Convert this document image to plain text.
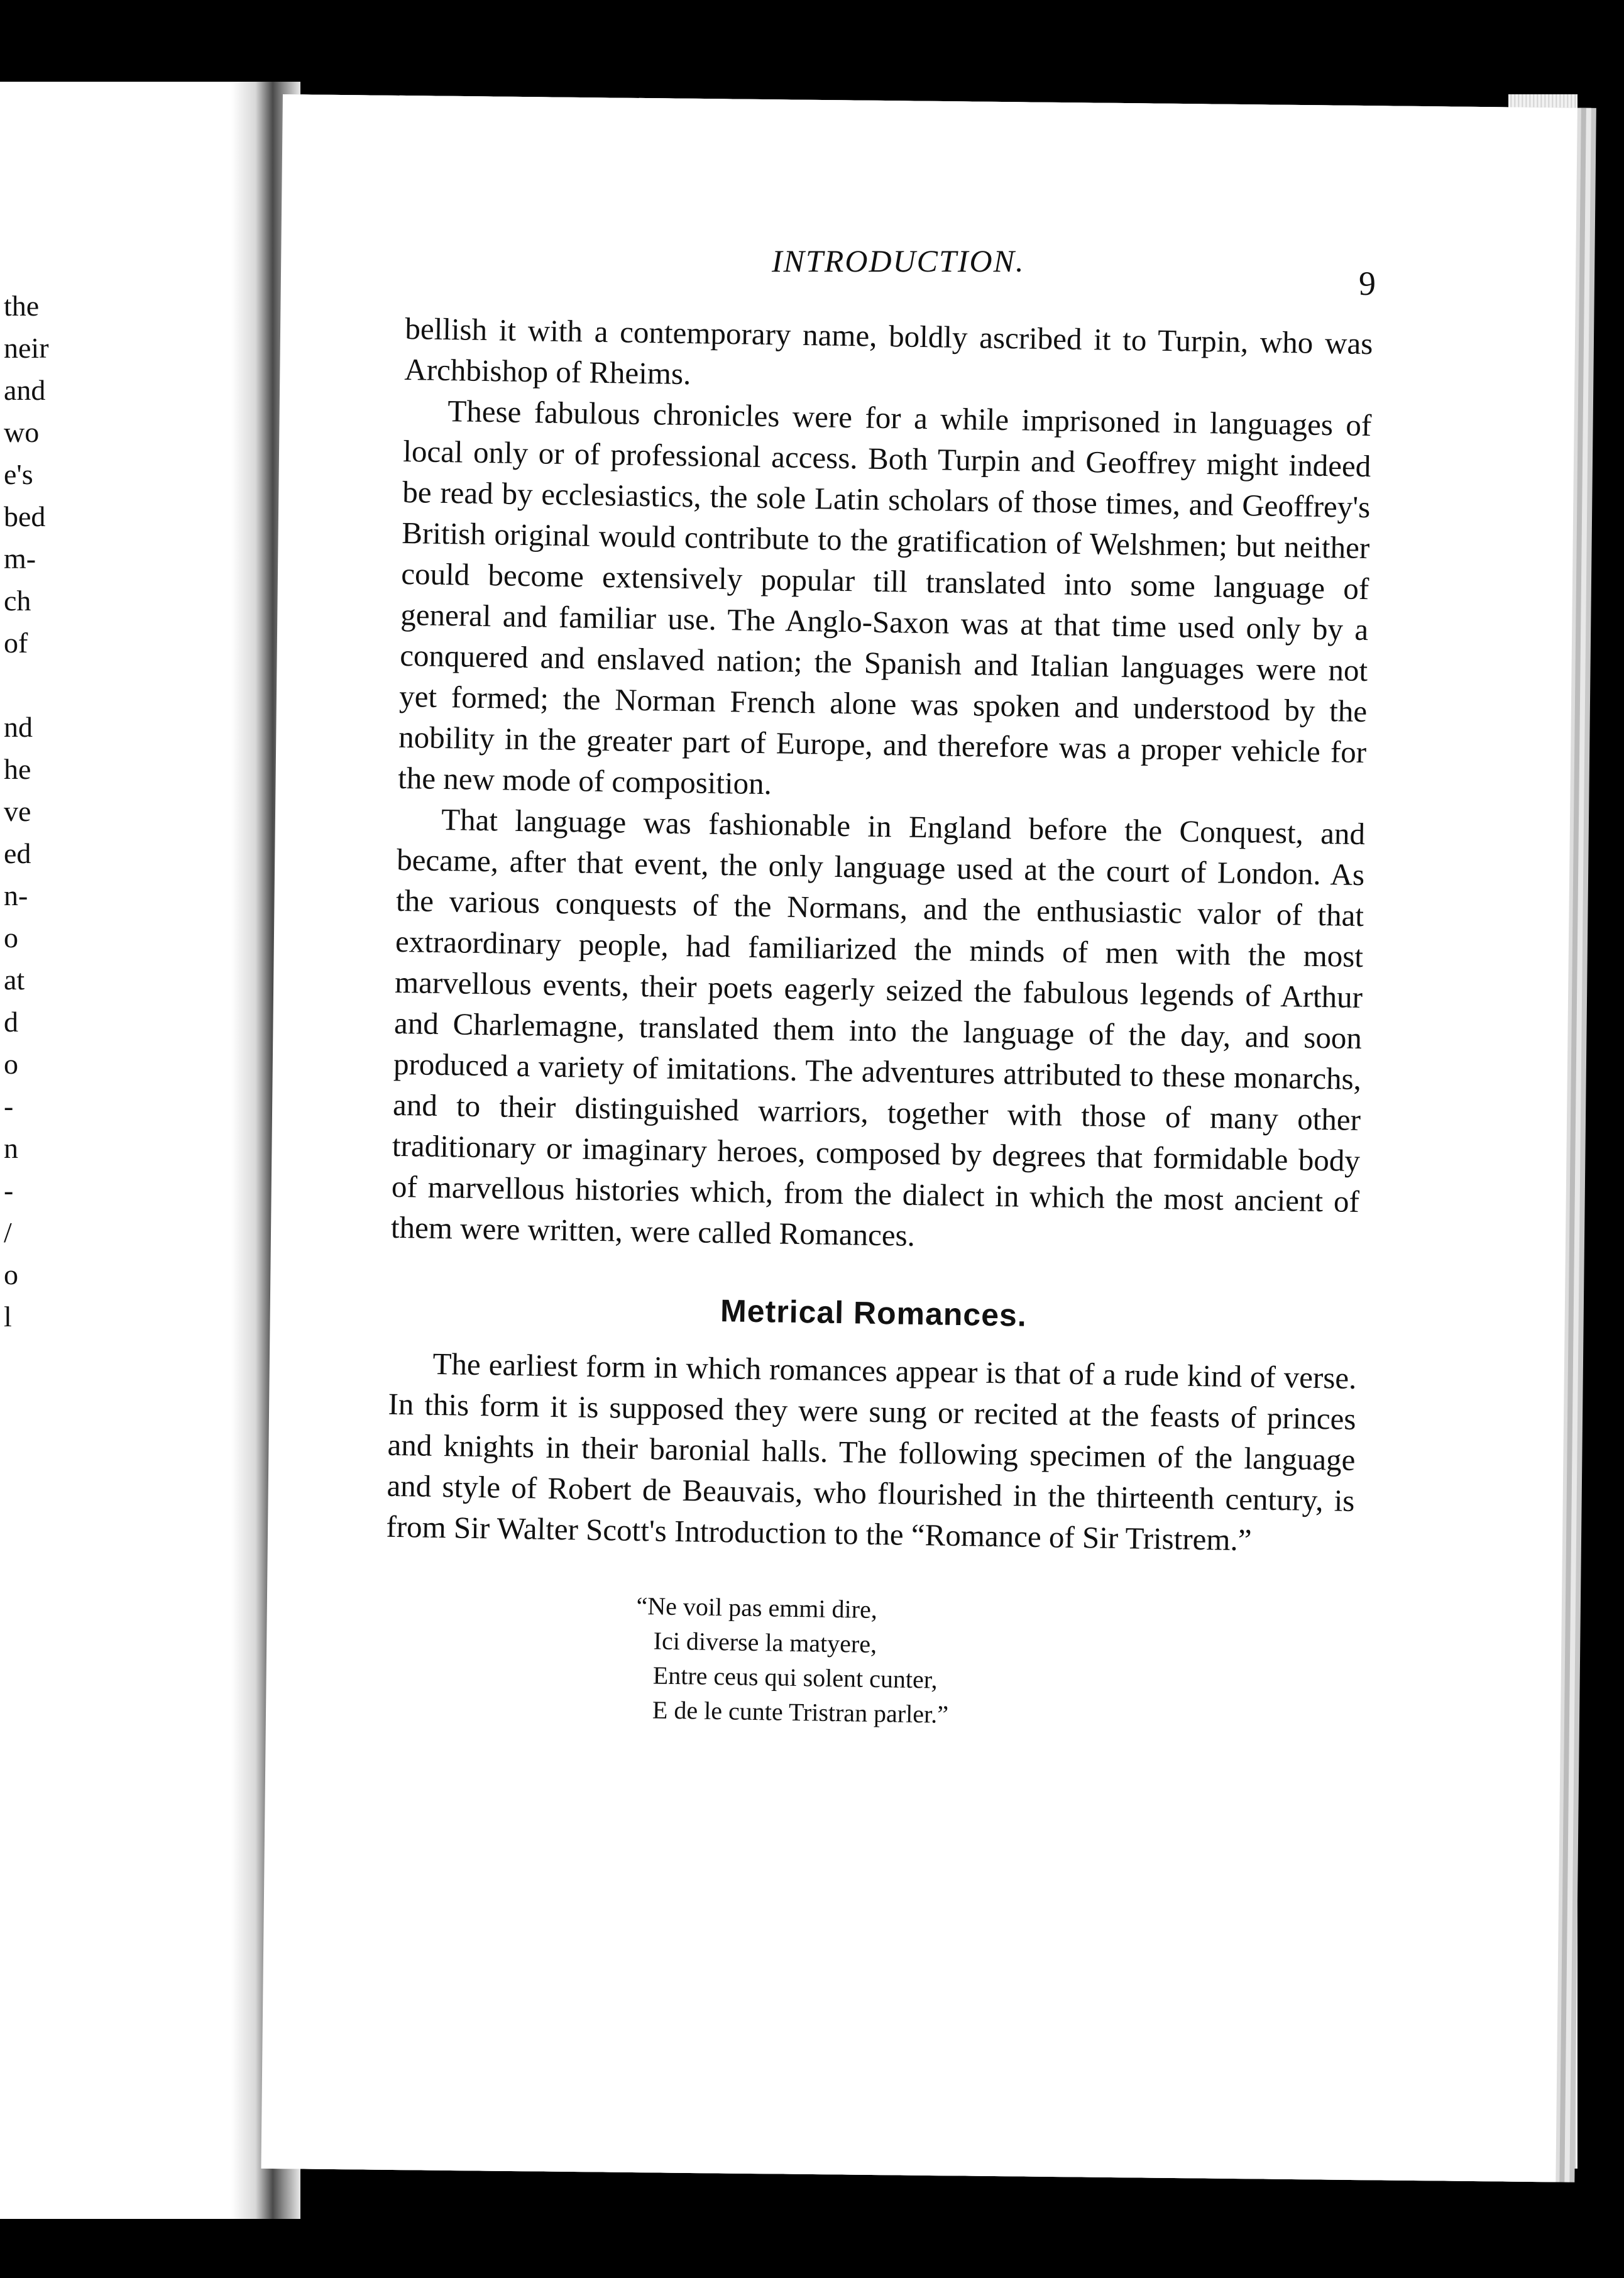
the
neir
and
wo
e's
bed
m-
ch
of
nd
he
ve
ed
n-
o
at
d
o
-
n
-
/
o
l
INTRODUCTION.
9

bellish it with a contemporary name, boldly ascribed it to Turpin, who was Archbishop of Rheims.

These fabulous chronicles were for a while imprisoned in languages of local only or of professional access. Both Turpin and Geoffrey might indeed be read by ecclesiastics, the sole Latin scholars of those times, and Geoffrey's British original would contribute to the gratification of Welshmen; but neither could become extensively popular till translated into some language of general and familiar use. The Anglo-Saxon was at that time used only by a conquered and enslaved nation; the Spanish and Italian languages were not yet formed; the Norman French alone was spoken and understood by the nobility in the greater part of Europe, and therefore was a proper vehicle for the new mode of composition.

That language was fashionable in England before the Conquest, and became, after that event, the only language used at the court of London. As the various conquests of the Normans, and the enthusiastic valor of that extraordinary people, had familiarized the minds of men with the most marvellous events, their poets eagerly seized the fabulous legends of Arthur and Charlemagne, translated them into the language of the day, and soon produced a variety of imitations. The adventures attributed to these monarchs, and to their distinguished warriors, together with those of many other traditionary or imaginary heroes, composed by degrees that formidable body of marvellous histories which, from the dialect in which the most ancient of them were written, were called Romances.

Metrical Romances.

The earliest form in which romances appear is that of a rude kind of verse. In this form it is supposed they were sung or recited at the feasts of princes and knights in their baronial halls. The following specimen of the language and style of Robert de Beauvais, who flourished in the thirteenth century, is from Sir Walter Scott's Introduction to the “Romance of Sir Tristrem.”

“Ne voil pas emmi dire,
Ici diverse la matyere,
Entre ceus qui solent cunter,
E de le cunte Tristran parler.”
